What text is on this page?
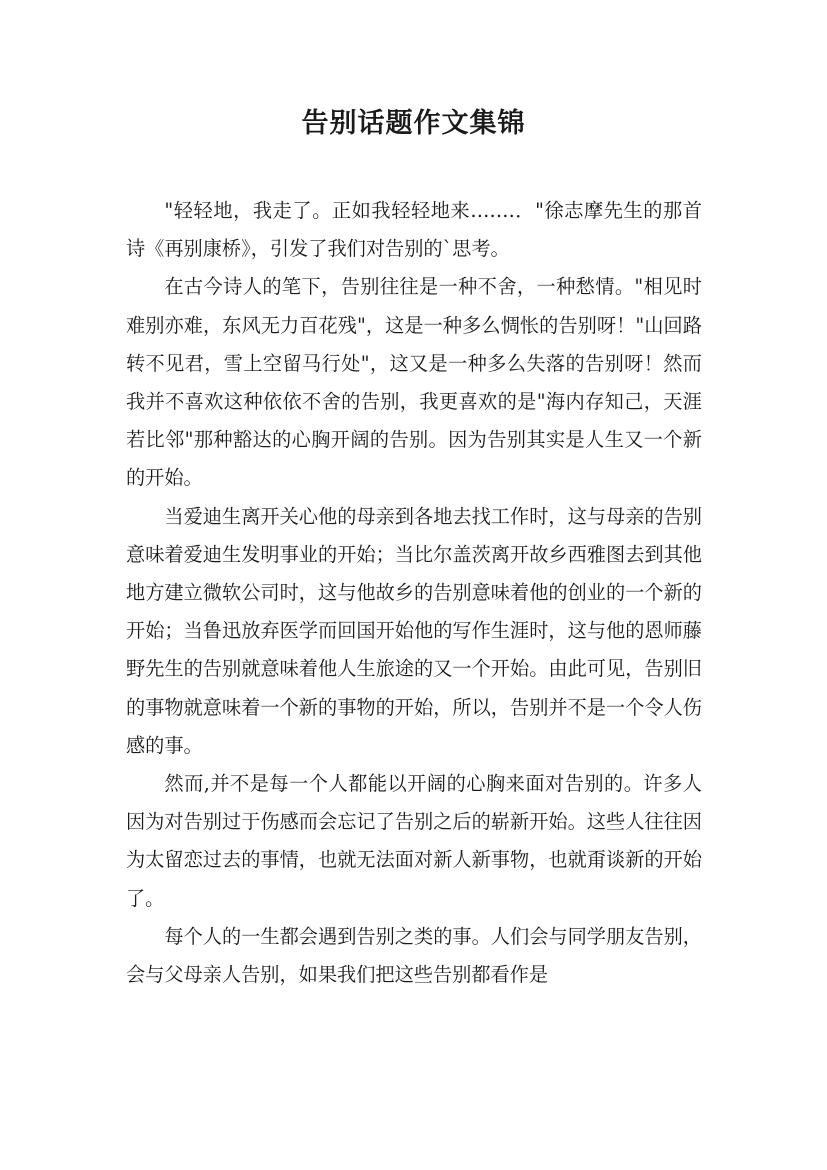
告别话题作文集锦

"轻轻地，我走了。正如我轻轻地来…….．"徐志摩先生的那首诗《再别康桥》，引发了我们对告别的`思考。

在古今诗人的笔下，告别往往是一种不舍，一种愁情。"相见时难别亦难，东风无力百花残"，这是一种多么惆怅的告别呀！"山回路转不见君，雪上空留马行处"，这又是一种多么失落的告别呀！然而我并不喜欢这种依依不舍的告别，我更喜欢的是"海内存知己，天涯若比邻"那种豁达的心胸开阔的告别。因为告别其实是人生又一个新的开始。

当爱迪生离开关心他的母亲到各地去找工作时，这与母亲的告别意味着爱迪生发明事业的开始；当比尔盖茨离开故乡西雅图去到其他地方建立微软公司时，这与他故乡的告别意味着他的创业的一个新的开始；当鲁迅放弃医学而回国开始他的写作生涯时，这与他的恩师藤野先生的告别就意味着他人生旅途的又一个开始。由此可见，告别旧的事物就意味着一个新的事物的开始，所以，告别并不是一个令人伤感的事。

然而,并不是每一个人都能以开阔的心胸来面对告别的。许多人因为对告别过于伤感而会忘记了告别之后的崭新开始。这些人往往因为太留恋过去的事情，也就无法面对新人新事物，也就甭谈新的开始了。

每个人的一生都会遇到告别之类的事。人们会与同学朋友告别，会与父母亲人告别，如果我们把这些告别都看作是
